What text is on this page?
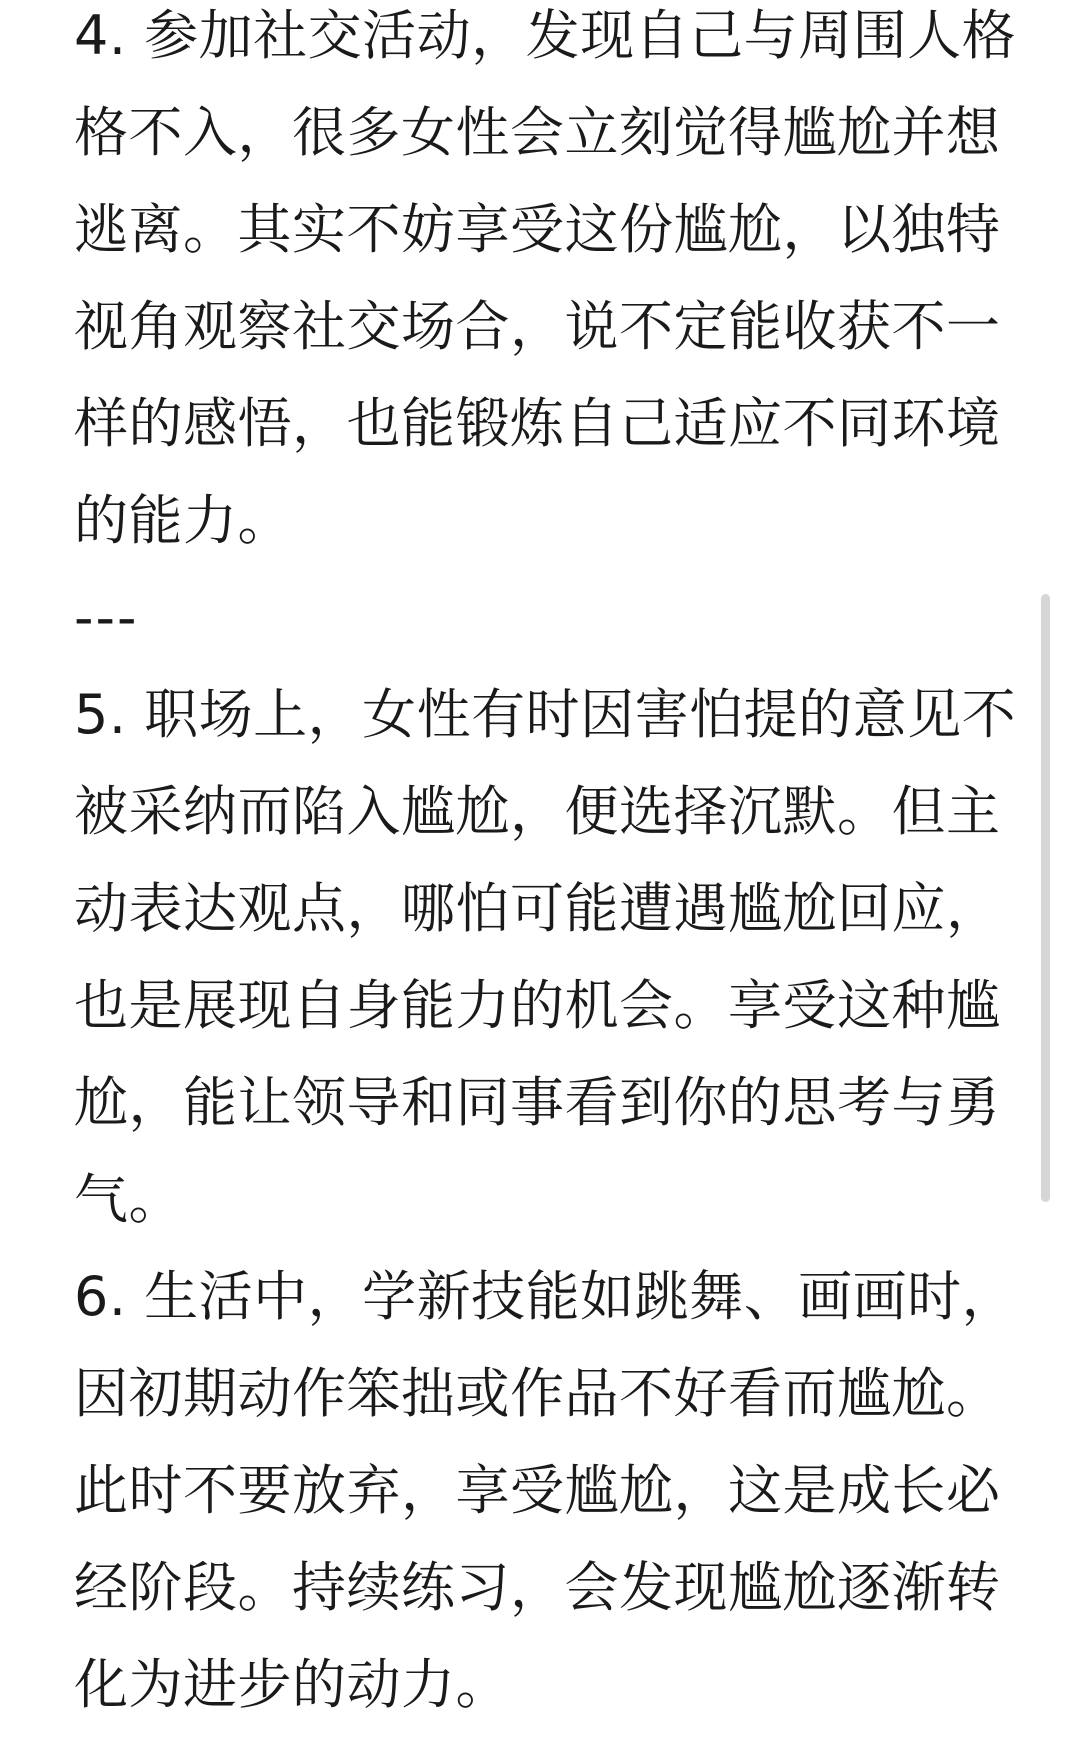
4. 参加社交活动，发现自己与周围人格
格不入，很多女性会立刻觉得尴尬并想
逃离。其实不妨享受这份尴尬，以独特
视角观察社交场合，说不定能收获不一
样的感悟，也能锻炼自己适应不同环境
的能力。
---
5. 职场上，女性有时因害怕提的意见不
被采纳而陷入尴尬，便选择沉默。但主
动表达观点，哪怕可能遭遇尴尬回应，
也是展现自身能力的机会。享受这种尴
尬，能让领导和同事看到你的思考与勇
气。
6. 生活中，学新技能如跳舞、画画时，
因初期动作笨拙或作品不好看而尴尬。
此时不要放弃，享受尴尬，这是成长必
经阶段。持续练习，会发现尴尬逐渐转
化为进步的动力。
